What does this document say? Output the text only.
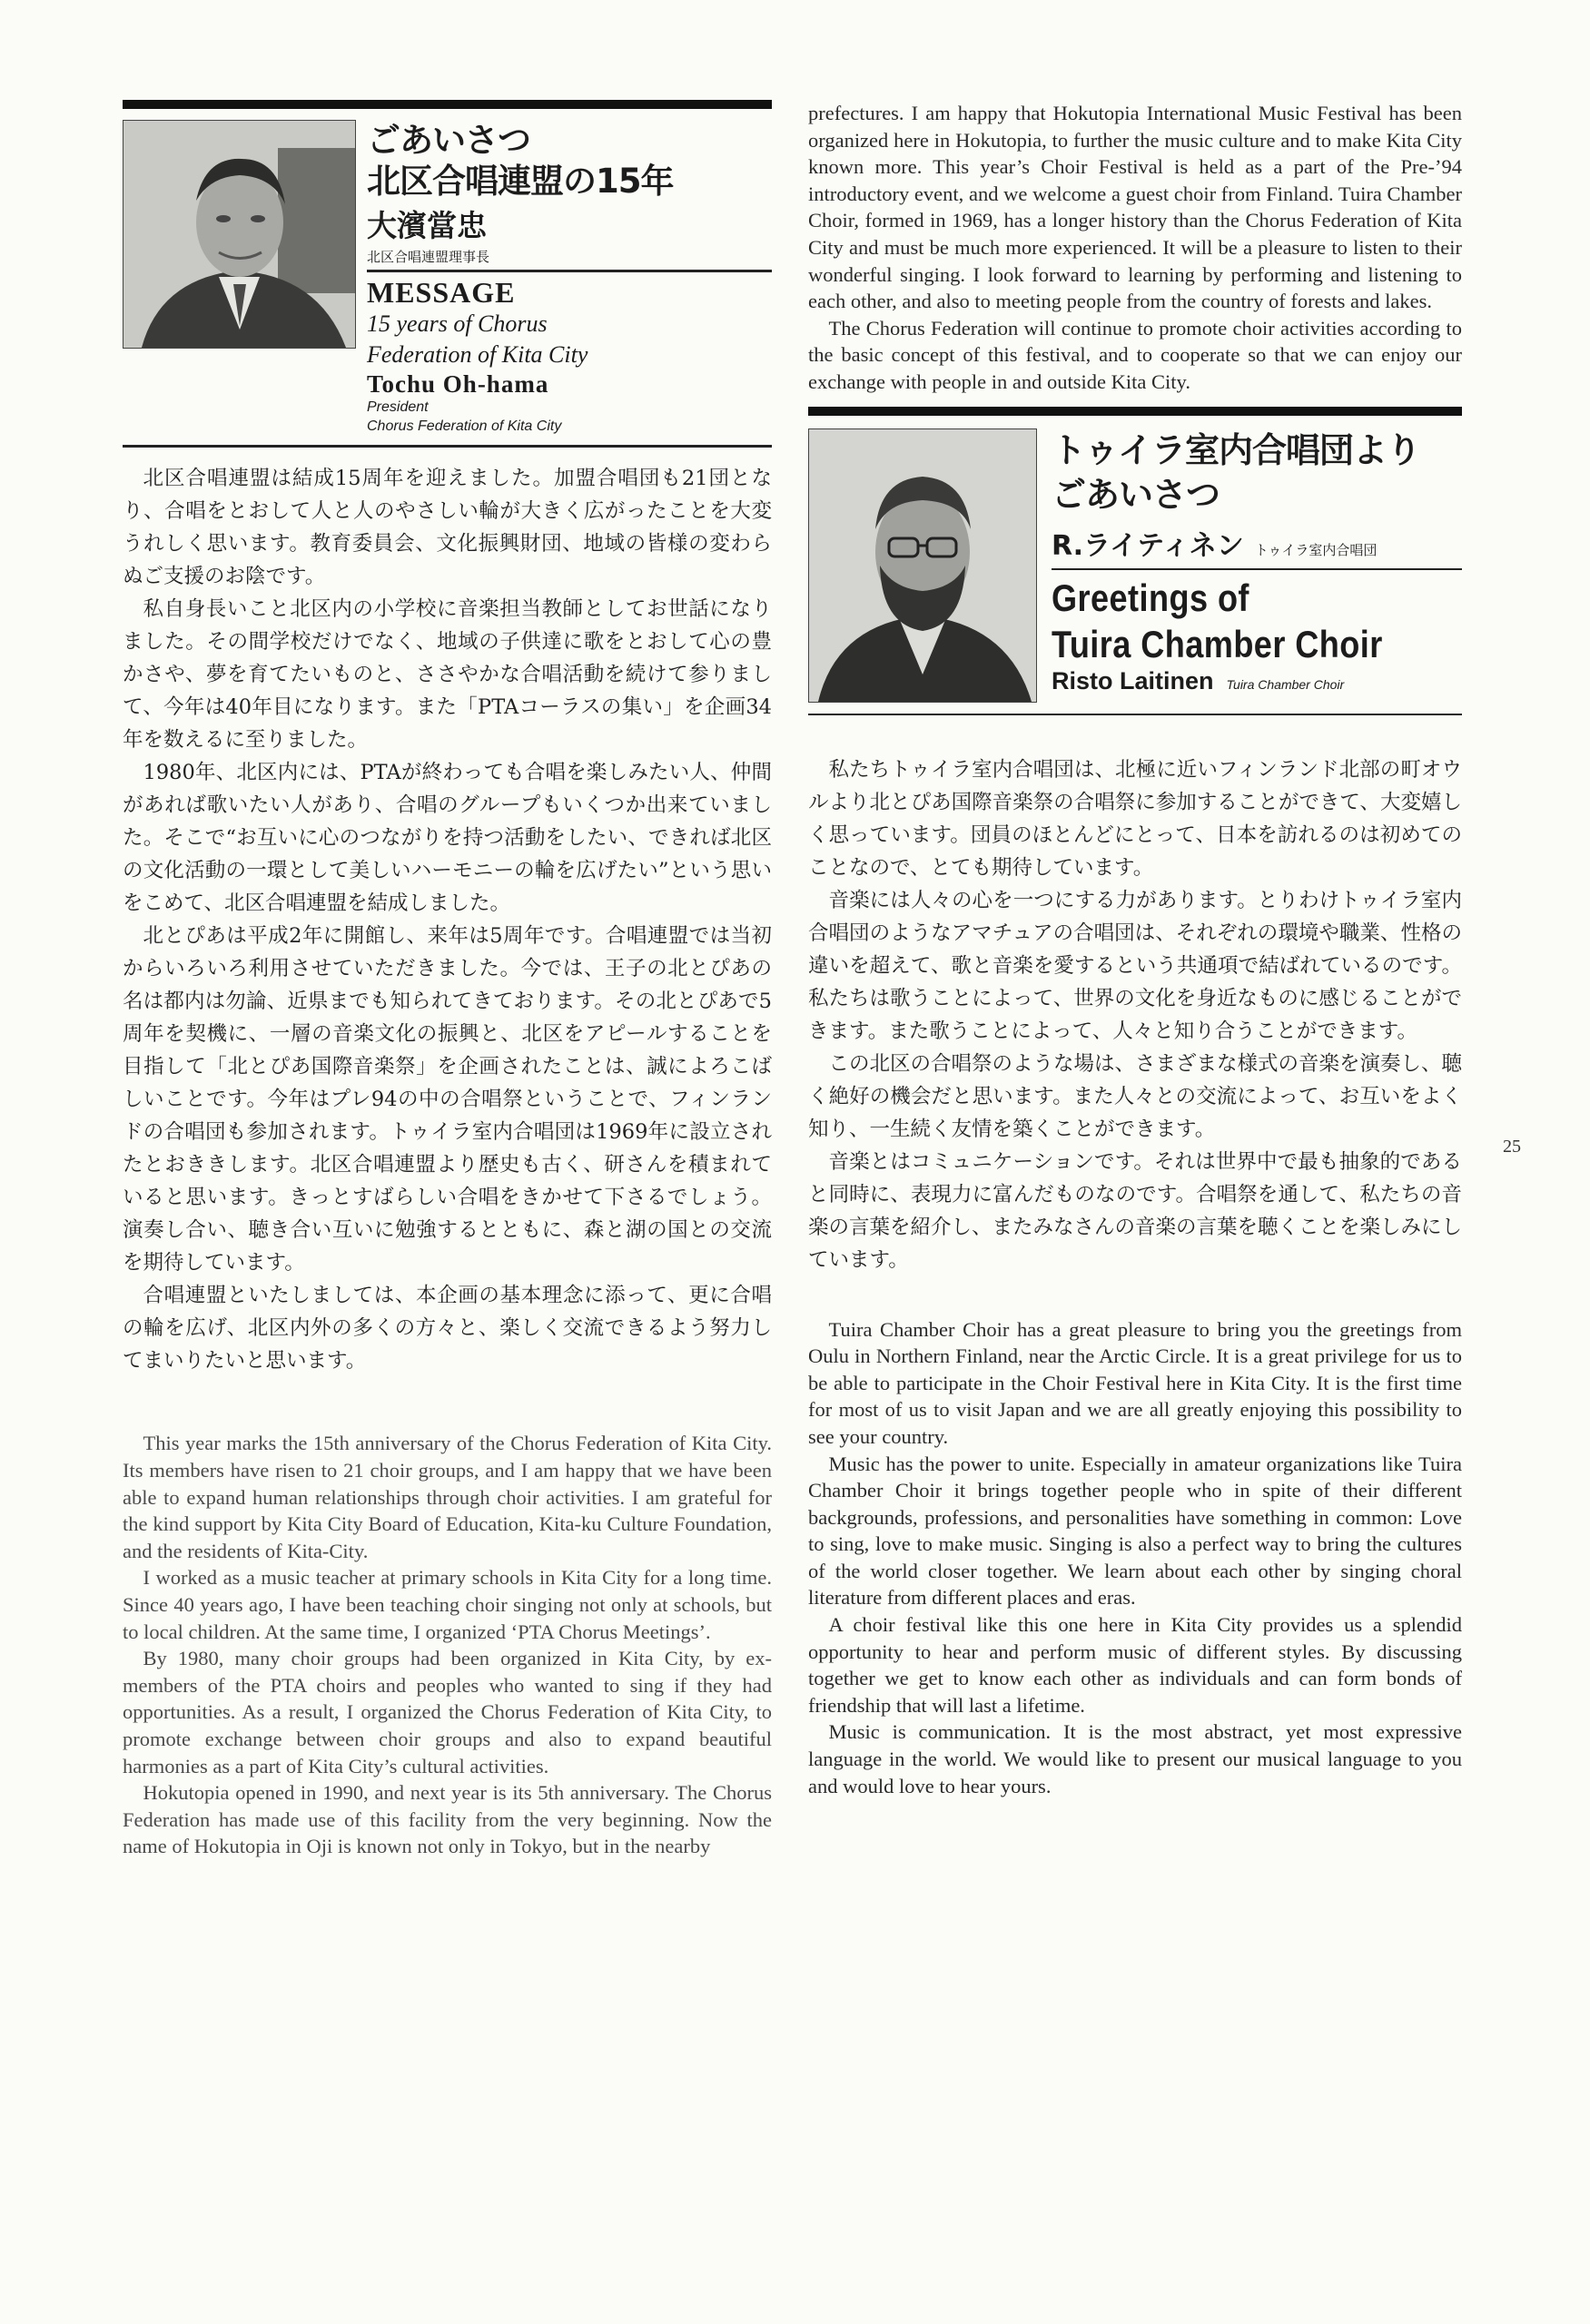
ごあいさつ
北区合唱連盟の15年
大濱當忠
北区合唱連盟理事長
MESSAGE
15 years of Chorus
Federation of Kita City
Tochu Oh-hama
President
Chorus Federation of Kita City

北区合唱連盟は結成15周年を迎えました。加盟合唱団も21団となり、合唱をとおして人と人のやさしい輪が大きく広がったことを大変うれしく思います。教育委員会、文化振興財団、地域の皆様の変わらぬご支援のお陰です。

私自身長いこと北区内の小学校に音楽担当教師としてお世話になりました。その間学校だけでなく、地域の子供達に歌をとおして心の豊かさや、夢を育てたいものと、ささやかな合唱活動を続けて参りまして、今年は40年目になります。また「PTAコーラスの集い」を企画34年を数えるに至りました。

1980年、北区内には、PTAが終わっても合唱を楽しみたい人、仲間があれば歌いたい人があり、合唱のグループもいくつか出来ていました。そこで“お互いに心のつながりを持つ活動をしたい、できれば北区の文化活動の一環として美しいハーモニーの輪を広げたい”という思いをこめて、北区合唱連盟を結成しました。

北とぴあは平成2年に開館し、来年は5周年です。合唱連盟では当初からいろいろ利用させていただきました。今では、王子の北とぴあの名は都内は勿論、近県までも知られてきております。その北とぴあで5周年を契機に、一層の音楽文化の振興と、北区をアピールすることを目指して「北とぴあ国際音楽祭」を企画されたことは、誠によろこばしいことです。今年はプレ94の中の合唱祭ということで、フィンランドの合唱団も参加されます。トゥイラ室内合唱団は1969年に設立されたとおききします。北区合唱連盟より歴史も古く、研さんを積まれていると思います。きっとすばらしい合唱をきかせて下さるでしょう。演奏し合い、聴き合い互いに勉強するとともに、森と湖の国との交流を期待しています。

合唱連盟といたしましては、本企画の基本理念に添って、更に合唱の輪を広げ、北区内外の多くの方々と、楽しく交流できるよう努力してまいりたいと思います。

This year marks the 15th anniversary of the Chorus Federation of Kita City. Its members have risen to 21 choir groups, and I am happy that we have been able to expand human relationships through choir activities. I am grateful for the kind support by Kita City Board of Education, Kita-ku Culture Foundation, and the residents of Kita-City.

I worked as a music teacher at primary schools in Kita City for a long time. Since 40 years ago, I have been teaching choir singing not only at schools, but to local children. At the same time, I organized ‘PTA Chorus Meetings’.

By 1980, many choir groups had been organized in Kita City, by ex-members of the PTA choirs and peoples who wanted to sing if they had opportunities. As a result, I organized the Chorus Federation of Kita City, to promote exchange between choir groups and also to expand beautiful harmonies as a part of Kita City’s cultural activities.

Hokutopia opened in 1990, and next year is its 5th anniversary. The Chorus Federation has made use of this facility from the very beginning. Now the name of Hokutopia in Oji is known not only in Tokyo, but in the nearby

prefectures. I am happy that Hokutopia International Music Festival has been organized here in Hokutopia, to further the music culture and to make Kita City known more. This year’s Choir Festival is held as a part of the Pre-’94 introductory event, and we welcome a guest choir from Finland. Tuira Chamber Choir, formed in 1969, has a longer history than the Chorus Federation of Kita City and must be much more experienced. It will be a pleasure to listen to their wonderful singing. I look forward to learning by performing and listening to each other, and also to meeting people from the country of forests and lakes.

The Chorus Federation will continue to promote choir activities according to the basic concept of this festival, and to cooperate so that we can enjoy our exchange with people in and outside Kita City.

トゥイラ室内合唱団より
ごあいさつ
R.ライティネン トゥイラ室内合唱団
Greetings of
Tuira Chamber Choir
Risto Laitinen Tuira Chamber Choir

私たちトゥイラ室内合唱団は、北極に近いフィンランド北部の町オウルより北とぴあ国際音楽祭の合唱祭に参加することができて、大変嬉しく思っています。団員のほとんどにとって、日本を訪れるのは初めてのことなので、とても期待しています。

音楽には人々の心を一つにする力があります。とりわけトゥイラ室内合唱団のようなアマチュアの合唱団は、それぞれの環境や職業、性格の違いを超えて、歌と音楽を愛するという共通項で結ばれているのです。私たちは歌うことによって、世界の文化を身近なものに感じることができます。また歌うことによって、人々と知り合うことができます。

この北区の合唱祭のような場は、さまざまな様式の音楽を演奏し、聴く絶好の機会だと思います。また人々との交流によって、お互いをよく知り、一生続く友情を築くことができます。

音楽とはコミュニケーションです。それは世界中で最も抽象的であると同時に、表現力に富んだものなのです。合唱祭を通して、私たちの音楽の言葉を紹介し、またみなさんの音楽の言葉を聴くことを楽しみにしています。

Tuira Chamber Choir has a great pleasure to bring you the greetings from Oulu in Northern Finland, near the Arctic Circle. It is a great privilege for us to be able to participate in the Choir Festival here in Kita City. It is the first time for most of us to visit Japan and we are all greatly enjoying this possibility to see your country.

Music has the power to unite. Especially in amateur organizations like Tuira Chamber Choir it brings together people who in spite of their different backgrounds, professions, and personalities have something in common: Love to sing, love to make music. Singing is also a perfect way to bring the cultures of the world closer together. We learn about each other by singing choral literature from different places and eras.

A choir festival like this one here in Kita City provides us a splendid opportunity to hear and perform music of different styles. By discussing together we get to know each other as individuals and can form bonds of friendship that will last a lifetime.

Music is communication. It is the most abstract, yet most expressive language in the world. We would like to present our musical language to you and would love to hear yours.

25
